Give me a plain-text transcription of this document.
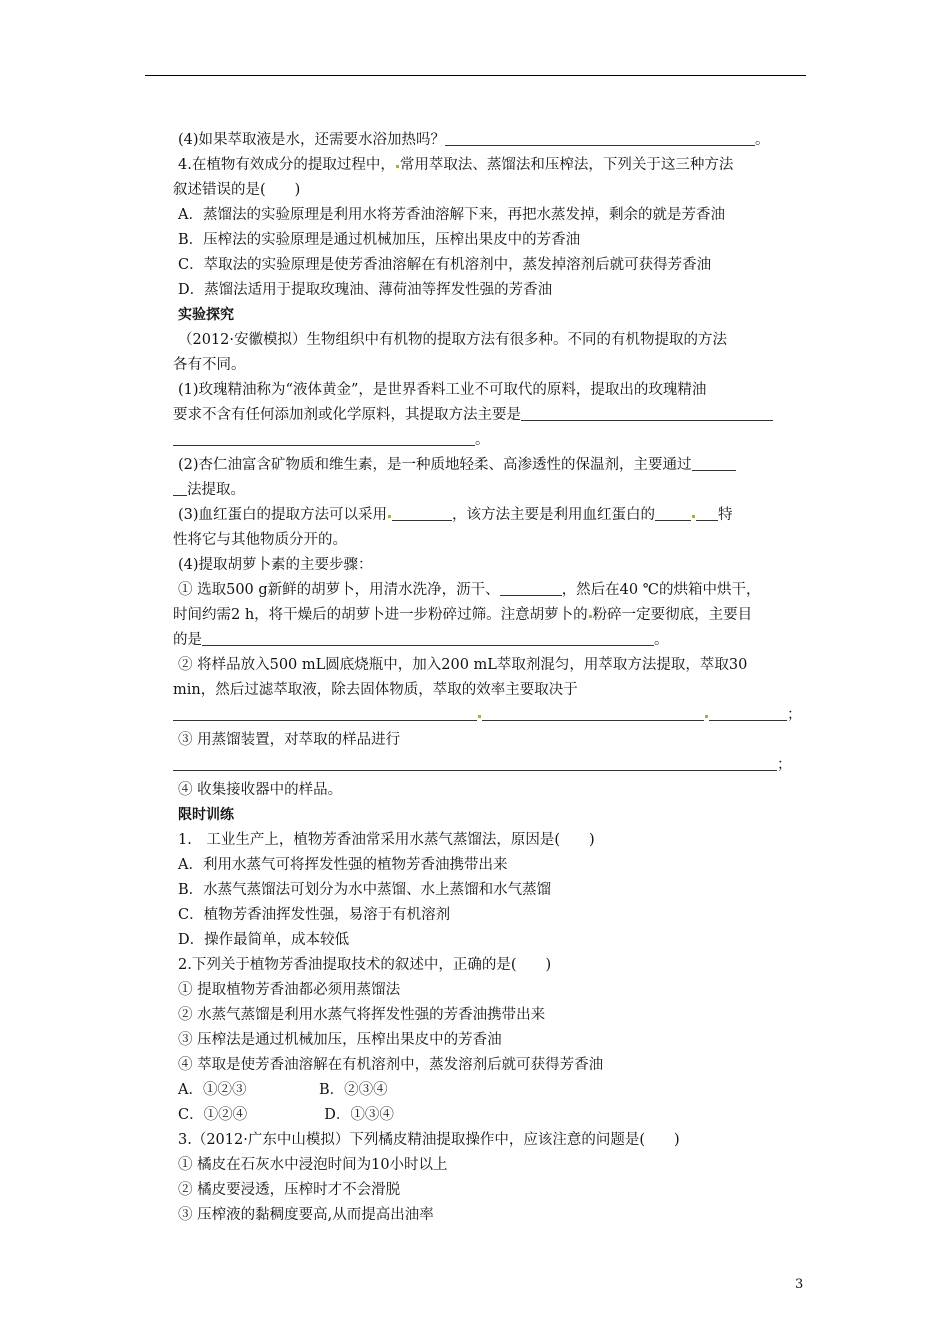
(4)如果萃取液是水，还需要水浴加热吗？	。
4.在植物有效成分的提取过程中， 常用萃取法、蒸馏法和压榨法，下列关于这三种方法
叙述错误的是(　　)
A．蒸馏法的实验原理是利用水将芳香油溶解下来，再把水蒸发掉，剩余的就是芳香油
B．压榨法的实验原理是通过机械加压，压榨出果皮中的芳香油
C．萃取法的实验原理是使芳香油溶解在有机溶剂中，蒸发掉溶剂后就可获得芳香油
D．蒸馏法适用于提取玫瑰油、薄荷油等挥发性强的芳香油
实验探究
（2012·安徽模拟）生物组织中有机物的提取方法有很多种。不同的有机物提取的方法
各有不同。
(1)玫瑰精油称为“液体黄金”，是世界香料工业不可取代的原料，提取出的玫瑰精油
要求不含有任何添加剂或化学原料，其提取方法主要是
。
(2)杏仁油富含矿物质和维生素，是一种质地轻柔、高渗透性的保温剂，主要通过
法提取。
(3)血红蛋白的提取方法可以采用	，该方法主要是利用血红蛋白的	特
性将它与其他物质分开的。
(4)提取胡萝卜素的主要步骤：
① 选取500 g新鲜的胡萝卜，用清水洗净，沥干、	，然后在40 ℃的烘箱中烘干，
时间约需2 h，将干燥后的胡萝卜进一步粉碎过筛。注意胡萝卜的 粉碎一定要彻底，主要目
的是	。
② 将样品放入500 mL圆底烧瓶中，加入200 mL萃取剂混匀，用萃取方法提取，萃取30
min，然后过滤萃取液，除去固体物质，萃取的效率主要取决于
；
③ 用蒸馏装置，对萃取的样品进行
；
④ 收集接收器中的样品。
限时训练
1.　工业生产上，植物芳香油常采用水蒸气蒸馏法，原因是(　　)
A．利用水蒸气可将挥发性强的植物芳香油携带出来
B．水蒸气蒸馏法可划分为水中蒸馏、水上蒸馏和水气蒸馏
C．植物芳香油挥发性强，易溶于有机溶剂
D．操作最简单，成本较低
2.下列关于植物芳香油提取技术的叙述中，正确的是(　　)
① 提取植物芳香油都必须用蒸馏法
② 水蒸气蒸馏是利用水蒸气将挥发性强的芳香油携带出来
③ 压榨法是通过机械加压，压榨出果皮中的芳香油
④ 萃取是使芳香油溶解在有机溶剂中，蒸发溶剂后就可获得芳香油
A．①②③　　　　　B．②③④
C．①②④　　　　　 D．①③④
3.（2012·广东中山模拟）下列橘皮精油提取操作中，应该注意的问题是(　　)
① 橘皮在石灰水中浸泡时间为10小时以上
② 橘皮要浸透，压榨时才不会滑脱
③ 压榨液的黏稠度要高,从而提高出油率
3
